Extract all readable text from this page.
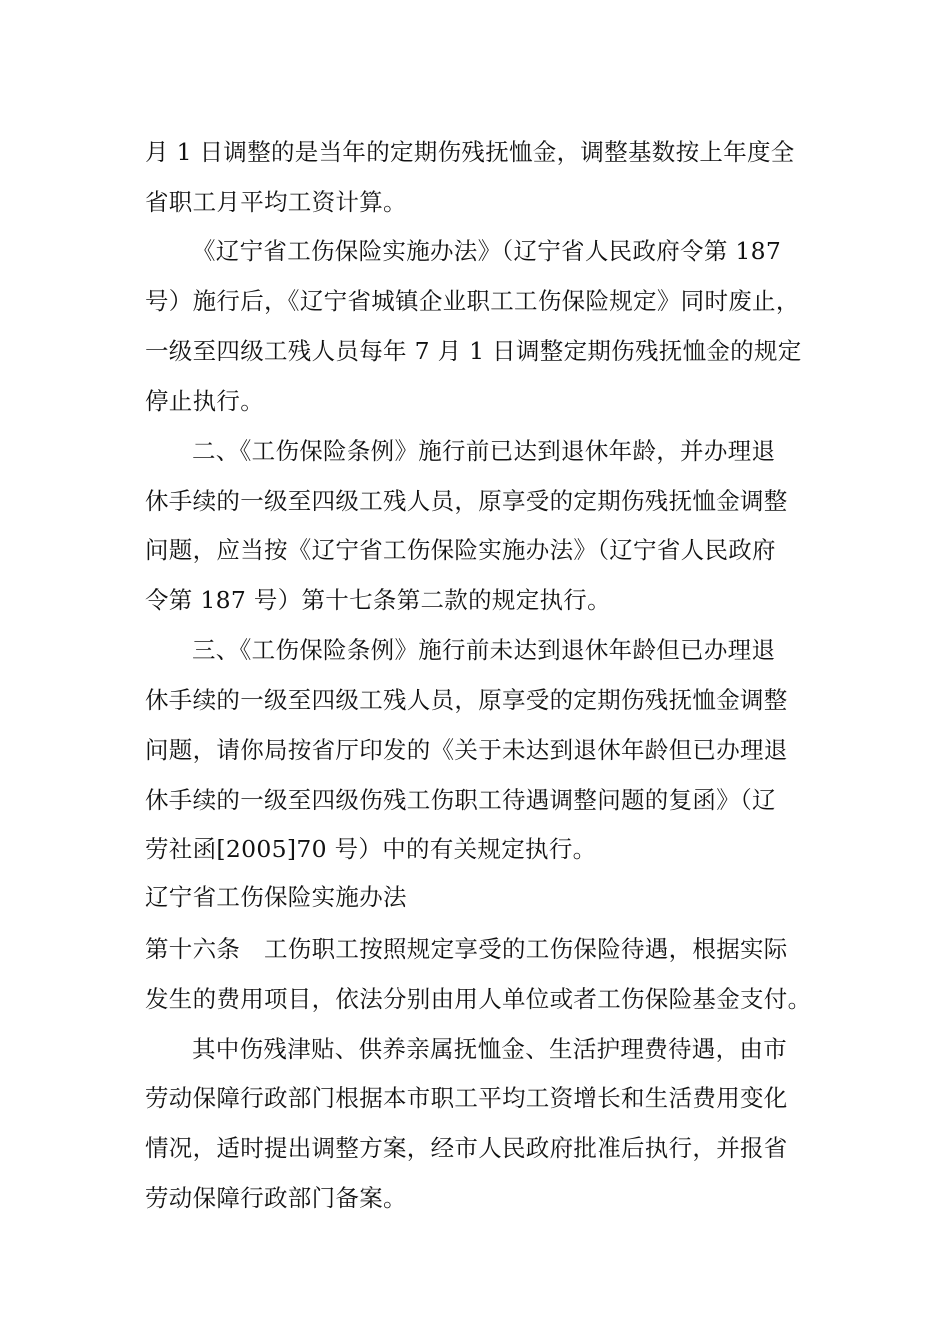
月 1 日调整的是当年的定期伤残抚恤金，调整基数按上年度全
省职工月平均工资计算。
《辽宁省工伤保险实施办法》（辽宁省人民政府令第 187
号）施行后，《辽宁省城镇企业职工工伤保险规定》同时废止，
一级至四级工残人员每年 7 月 1 日调整定期伤残抚恤金的规定
停止执行。
二、《工伤保险条例》施行前已达到退休年龄，并办理退
休手续的一级至四级工残人员，原享受的定期伤残抚恤金调整
问题，应当按《辽宁省工伤保险实施办法》（辽宁省人民政府
令第 187 号）第十七条第二款的规定执行。
三、《工伤保险条例》施行前未达到退休年龄但已办理退
休手续的一级至四级工残人员，原享受的定期伤残抚恤金调整
问题，请你局按省厅印发的《关于未达到退休年龄但已办理退
休手续的一级至四级伤残工伤职工待遇调整问题的复函》（辽
劳社函[2005]70 号）中的有关规定执行。
辽宁省工伤保险实施办法
第十六条　工伤职工按照规定享受的工伤保险待遇，根据实际
发生的费用项目，依法分别由用人单位或者工伤保险基金支付。
其中伤残津贴、供养亲属抚恤金、生活护理费待遇，由市
劳动保障行政部门根据本市职工平均工资增长和生活费用变化
情况，适时提出调整方案，经市人民政府批准后执行，并报省
劳动保障行政部门备案。
